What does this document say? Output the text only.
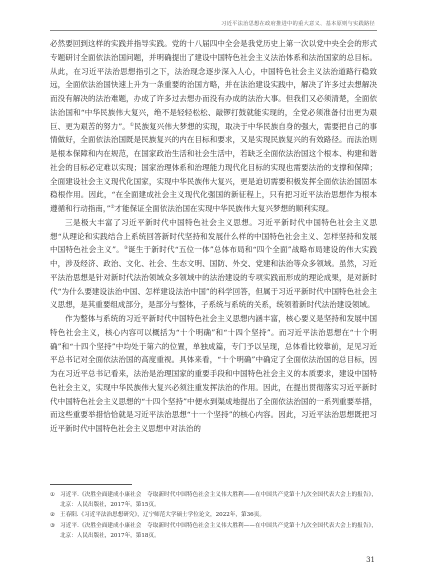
习近平法治思想在政府推进中的重大意义、基本原则与实践路径

必然要回到这样的实践并指导实践。党的十八届四中全会是我党历史上第一次以党中央全会的形式专题研讨全面依法治国问题，并明确提出了建设中国特色社会主义法治体系和法治国家的总目标。从此，在习近平法治思想指引之下，法治现念逐步深入人心，中国特色社会主义法治道路行稳致远，全面依法治国快速上升为一条重要的治国方略，并在法治建设实践中，解决了许多过去想解决而没有解决的法治难题，办成了许多过去想办而没有办成的法治大事。但我们又必须清楚，全面依法治国和“中华民族伟大复兴，绝不是轻轻松松、敲锣打鼓就能实现的，全党必须准备付出更为艰巨、更为艰苦的努力”。①民族复兴伟大梦想的实现，取决于中华民族自身的强大，需要把自己的事情做好，全面依法治国既是民族复兴的内在目标和要求，又是实现民族复兴的有效路径。而法治则是根本保障和内在规范，在国家政治生活和社会生活中，若缺乏全面依法治国这个根本、构建和谐社会的目标必定难以实现；国家治理体系和治理能力现代化目标的实现也需要法治的支撑和保障；全面建设社会主义现代化国家，实现中华民族伟大复兴，更是迫切需要积极发挥全面依法治国固本稳根作用。因此，“在全面建成社会主义现代化强国的新征程上，只有把习近平法治思想作为根本遵循和行动指南，”②才能保证全面依法治国在实现中华民族伟大复兴梦想的顺利实现。

三是极大丰富了习近平新时代中国特色社会主义思想。习近平新时代中国特色社会主义思想“从理论和实践结合上系统回答新时代坚持和发展什么样的中国特色社会主义、怎样坚持和发展中国特色社会主义”。③诞生于新时代“五位一体”总体布局和“四个全面”战略布局建设的伟大实践中，涉及经济、政治、文化、社会、生态文明、国防、外交、党建和法治等众多领域。虽然，习近平法治思想是针对新时代法治领域众多领域中的法治建设的专项实践而形成的理论成果，是对新时代“为什么要建设法治中国、怎样建设法治中国”的科学回答，但属于习近平新时代中国特色社会主义思想，是其重要组成部分，是部分与整体，子系统与系统的关系，统领着新时代法治建设领域。

作为整体与系统的习近平新时代中国特色社会主义思想内涵丰富，核心要义是坚持和发展中国特色社会主义，核心内容可以概括为“十个明确”和“十四个坚持”。而习近平法治思想在“十个明确”和“十四个坚持”中均处于第六的位置，单独成篇，专门予以呈现，总体看比较靠前，足见习近平总书记对全面依法治国的高度重视。具体来看，“十个明确”中确定了全面依法治国的总目标，因为在习近平总书记看来，法治是治理国家的重要手段和中国特色社会主义的本质要求，建设中国特色社会主义，实现中华民族伟大复兴必须注重发挥法治的作用。因此，在提出贯彻落实习近平新时代中国特色社会主义思想的“十四个坚持”中便水到渠成地提出了全面依法治国的一系列重要举措，而这些重要举措恰恰就是习近平法治思想“十一个坚持”的核心内容。因此，习近平法治思想既把习近平新时代中国特色社会主义思想中对法治的

① 习近平.《决胜全面建成小康社会　夺取新时代中国特色社会主义伟大胜利——在中国共产党第十九次全国代表大会上的报告》，北京：人民出版社，2017年，第15页。

② 王春阳.《习近平法治思想研究》，辽宁师范大学硕士学位论文，2022年，第36页。

③ 习近平.《决胜全面建成小康社会　夺取新时代中国特色社会主义伟大胜利——在中国共产党第十九次全国代表大会上的报告》，北京：人民出版社，2017年，第18页。

31
